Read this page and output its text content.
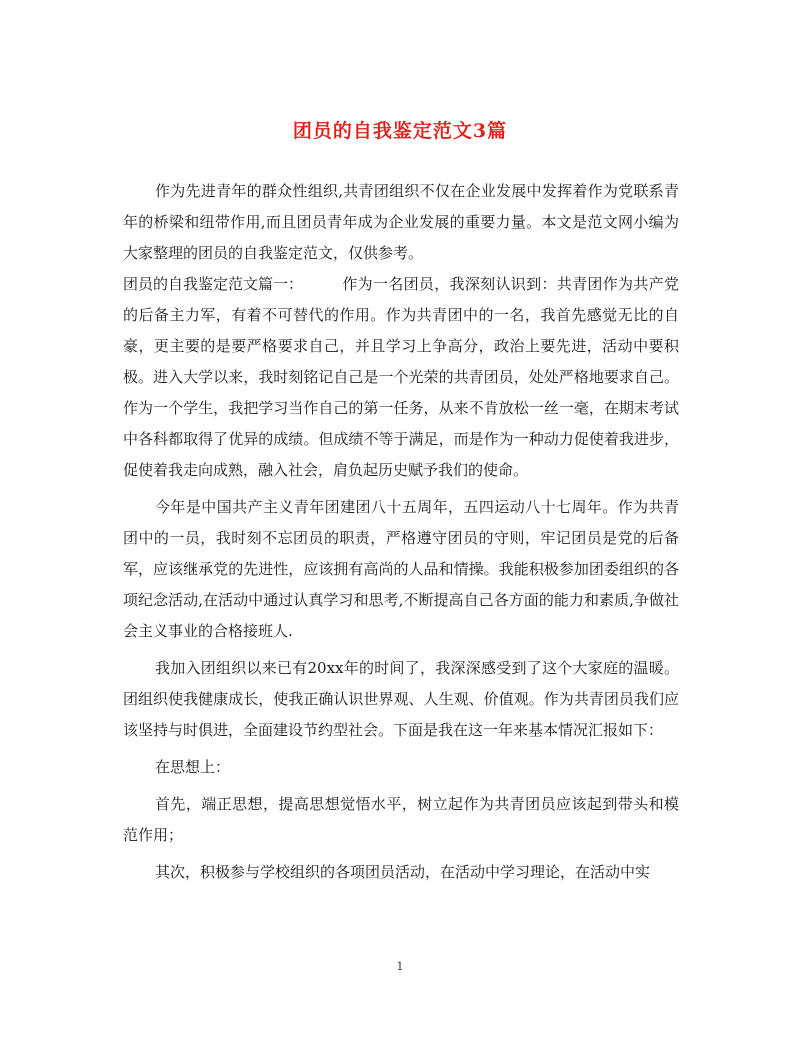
团员的自我鉴定范文3篇

作为先进青年的群众性组织,共青团组织不仅在企业发展中发挥着作为党联系青年的桥梁和纽带作用,而且团员青年成为企业发展的重要力量。本文是范文网小编为大家整理的团员的自我鉴定范文，仅供参考。

团员的自我鉴定范文篇一：	作为一名团员，我深刻认识到：共青团作为共产党的后备主力军，有着不可替代的作用。作为共青团中的一名，我首先感觉无比的自豪，更主要的是要严格要求自己，并且学习上争高分，政治上要先进，活动中要积极。进入大学以来，我时刻铭记自己是一个光荣的共青团员，处处严格地要求自己。作为一个学生，我把学习当作自己的第一任务，从来不肯放松一丝一毫，在期末考试中各科都取得了优异的成绩。但成绩不等于满足，而是作为一种动力促使着我进步，促使着我走向成熟，融入社会，肩负起历史赋予我们的使命。

今年是中国共产主义青年团建团八十五周年，五四运动八十七周年。作为共青团中的一员，我时刻不忘团员的职责，严格遵守团员的守则，牢记团员是党的后备军，应该继承党的先进性，应该拥有高尚的人品和情操。我能积极参加团委组织的各项纪念活动,在活动中通过认真学习和思考,不断提高自己各方面的能力和素质,争做社会主义事业的合格接班人.

我加入团组织以来已有20xx年的时间了，我深深感受到了这个大家庭的温暖。团组织使我健康成长，使我正确认识世界观、人生观、价值观。作为共青团员我们应该坚持与时俱进，全面建设节约型社会。下面是我在这一年来基本情况汇报如下：

在思想上：

首先，端正思想，提高思想觉悟水平，树立起作为共青团员应该起到带头和模范作用；

其次，积极参与学校组织的各项团员活动，在活动中学习理论，在活动中实

1
